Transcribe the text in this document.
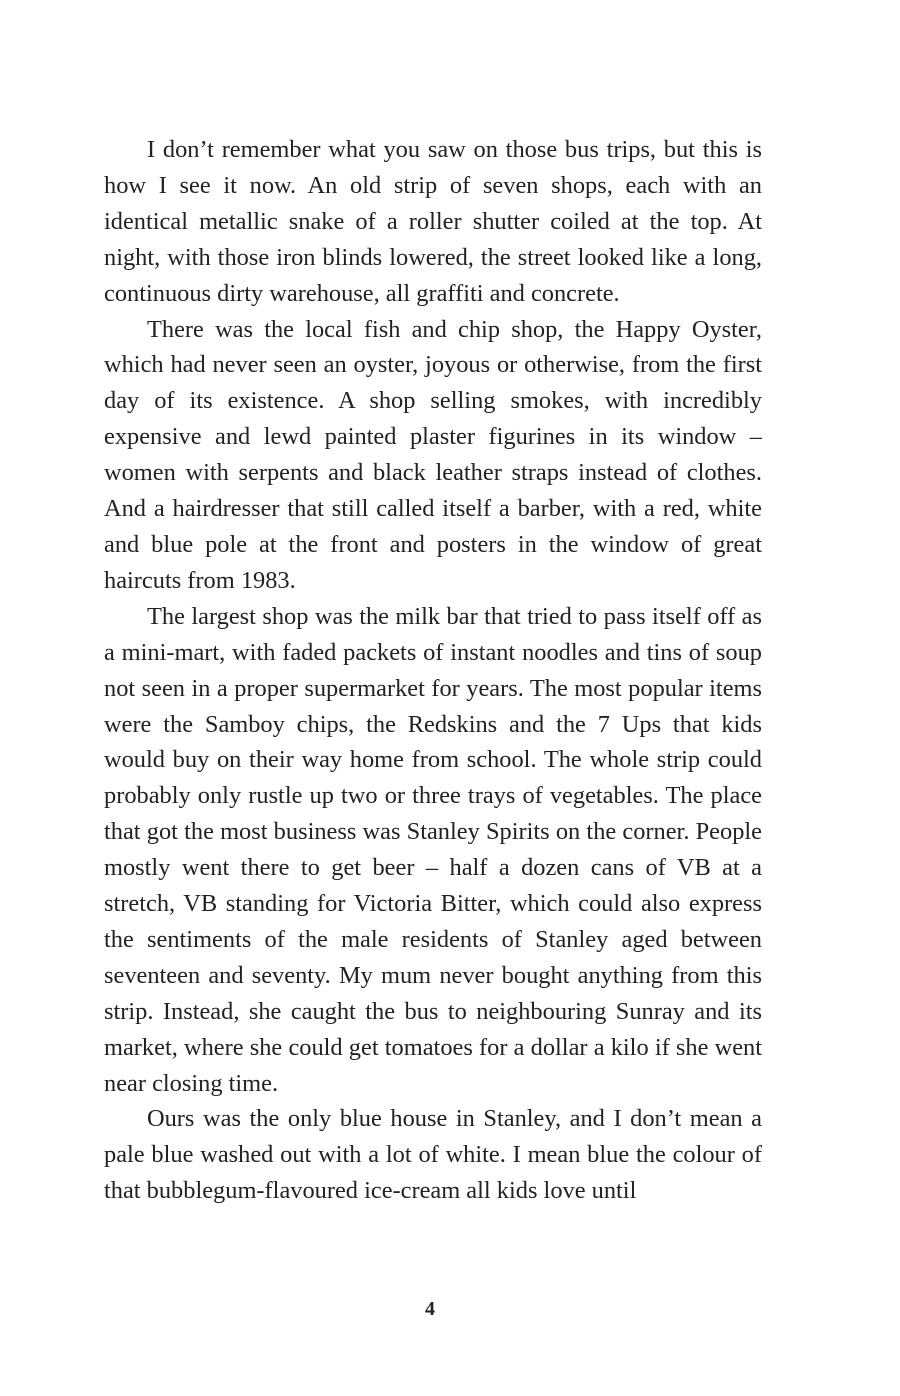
I don’t remember what you saw on those bus trips, but this is how I see it now. An old strip of seven shops, each with an identical metallic snake of a roller shutter coiled at the top. At night, with those iron blinds lowered, the street looked like a long, continuous dirty warehouse, all graffiti and concrete.

There was the local fish and chip shop, the Happy Oyster, which had never seen an oyster, joyous or otherwise, from the first day of its existence. A shop selling smokes, with incredibly expensive and lewd painted plaster figurines in its window – women with serpents and black leather straps instead of clothes. And a hairdresser that still called itself a barber, with a red, white and blue pole at the front and posters in the window of great haircuts from 1983.

The largest shop was the milk bar that tried to pass itself off as a mini-mart, with faded packets of instant noodles and tins of soup not seen in a proper supermarket for years. The most popular items were the Samboy chips, the Redskins and the 7 Ups that kids would buy on their way home from school. The whole strip could probably only rustle up two or three trays of vegetables. The place that got the most business was Stanley Spirits on the corner. People mostly went there to get beer – half a dozen cans of VB at a stretch, VB standing for Victoria Bitter, which could also express the sentiments of the male residents of Stanley aged between seventeen and seventy. My mum never bought anything from this strip. Instead, she caught the bus to neighbouring Sunray and its market, where she could get tomatoes for a dollar a kilo if she went near closing time.

Ours was the only blue house in Stanley, and I don’t mean a pale blue washed out with a lot of white. I mean blue the colour of that bubblegum-flavoured ice-cream all kids love until

4
